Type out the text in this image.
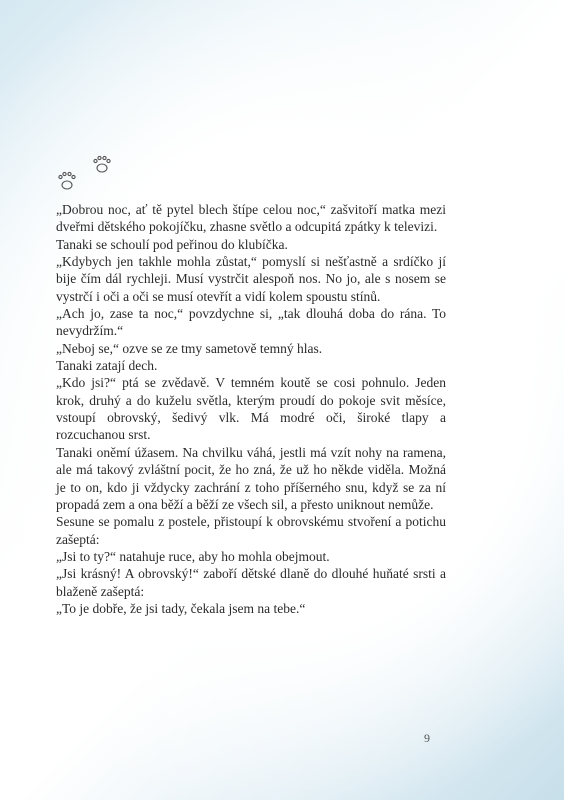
„Dobrou noc, ať tě pytel blech štípe celou noc,“ zašvitoří matka mezi dveřmi dětského pokojíčku, zhasne světlo a odcupitá zpátky k televizi.

Tanaki se schoulí pod peřinou do klubíčka.

„Kdybych jen takhle mohla zůstat,“ pomyslí si nešťastně a srdíčko jí bije čím dál rychleji. Musí vystrčit alespoň nos. No jo, ale s nosem se vystrčí i oči a oči se musí otevřít a vidí kolem spoustu stínů.

„Ach jo, zase ta noc,“ povzdychne si, „tak dlouhá doba do rána. To nevydržím.“

„Neboj se,“ ozve se ze tmy sametově temný hlas.

Tanaki zatají dech.

„Kdo jsi?“ ptá se zvědavě. V temném koutě se cosi pohnulo. Jeden krok, druhý a do kuželu světla, kterým proudí do pokoje svit měsíce, vstoupí obrovský, šedivý vlk. Má modré oči, široké tlapy a rozcuchanou srst.

Tanaki oněmí úžasem. Na chvilku váhá, jestli má vzít nohy na ramena, ale má takový zvláštní pocit, že ho zná, že už ho někde viděla. Možná je to on, kdo ji vždycky zachrání z toho příšerného snu, když se za ní propadá zem a ona běží a běží ze všech sil, a přesto uniknout nemůže.

Sesune se pomalu z postele, přistoupí k obrovskému stvoření a potichu zašeptá:

„Jsi to ty?“ natahuje ruce, aby ho mohla obejmout.

„Jsi krásný! A obrovský!“ zaboří dětské dlaně do dlouhé huňaté srsti a blaženě zašeptá:

„To je dobře, že jsi tady, čekala jsem na tebe.“

9
